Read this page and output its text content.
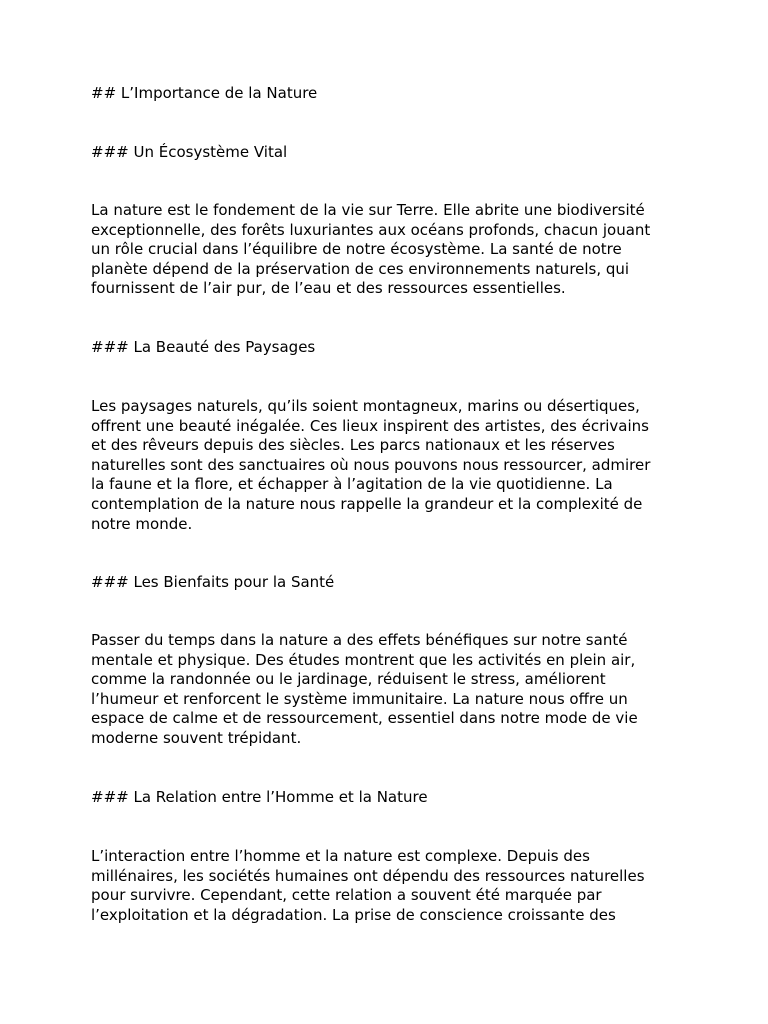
## L’Importance de la Nature
### Un Écosystème Vital

La nature est le fondement de la vie sur Terre. Elle abrite une biodiversité
exceptionnelle, des forêts luxuriantes aux océans profonds, chacun jouant
un rôle crucial dans l’équilibre de notre écosystème. La santé de notre
planète dépend de la préservation de ces environnements naturels, qui
fournissent de l’air pur, de l’eau et des ressources essentielles.

### La Beauté des Paysages

Les paysages naturels, qu’ils soient montagneux, marins ou désertiques,
offrent une beauté inégalée. Ces lieux inspirent des artistes, des écrivains
et des rêveurs depuis des siècles. Les parcs nationaux et les réserves
naturelles sont des sanctuaires où nous pouvons nous ressourcer, admirer
la faune et la flore, et échapper à l’agitation de la vie quotidienne. La
contemplation de la nature nous rappelle la grandeur et la complexité de
notre monde.

### Les Bienfaits pour la Santé

Passer du temps dans la nature a des effets bénéfiques sur notre santé
mentale et physique. Des études montrent que les activités en plein air,
comme la randonnée ou le jardinage, réduisent le stress, améliorent
l’humeur et renforcent le système immunitaire. La nature nous offre un
espace de calme et de ressourcement, essentiel dans notre mode de vie
moderne souvent trépidant.

### La Relation entre l’Homme et la Nature

L’interaction entre l’homme et la nature est complexe. Depuis des
millénaires, les sociétés humaines ont dépendu des ressources naturelles
pour survivre. Cependant, cette relation a souvent été marquée par
l’exploitation et la dégradation. La prise de conscience croissante des
